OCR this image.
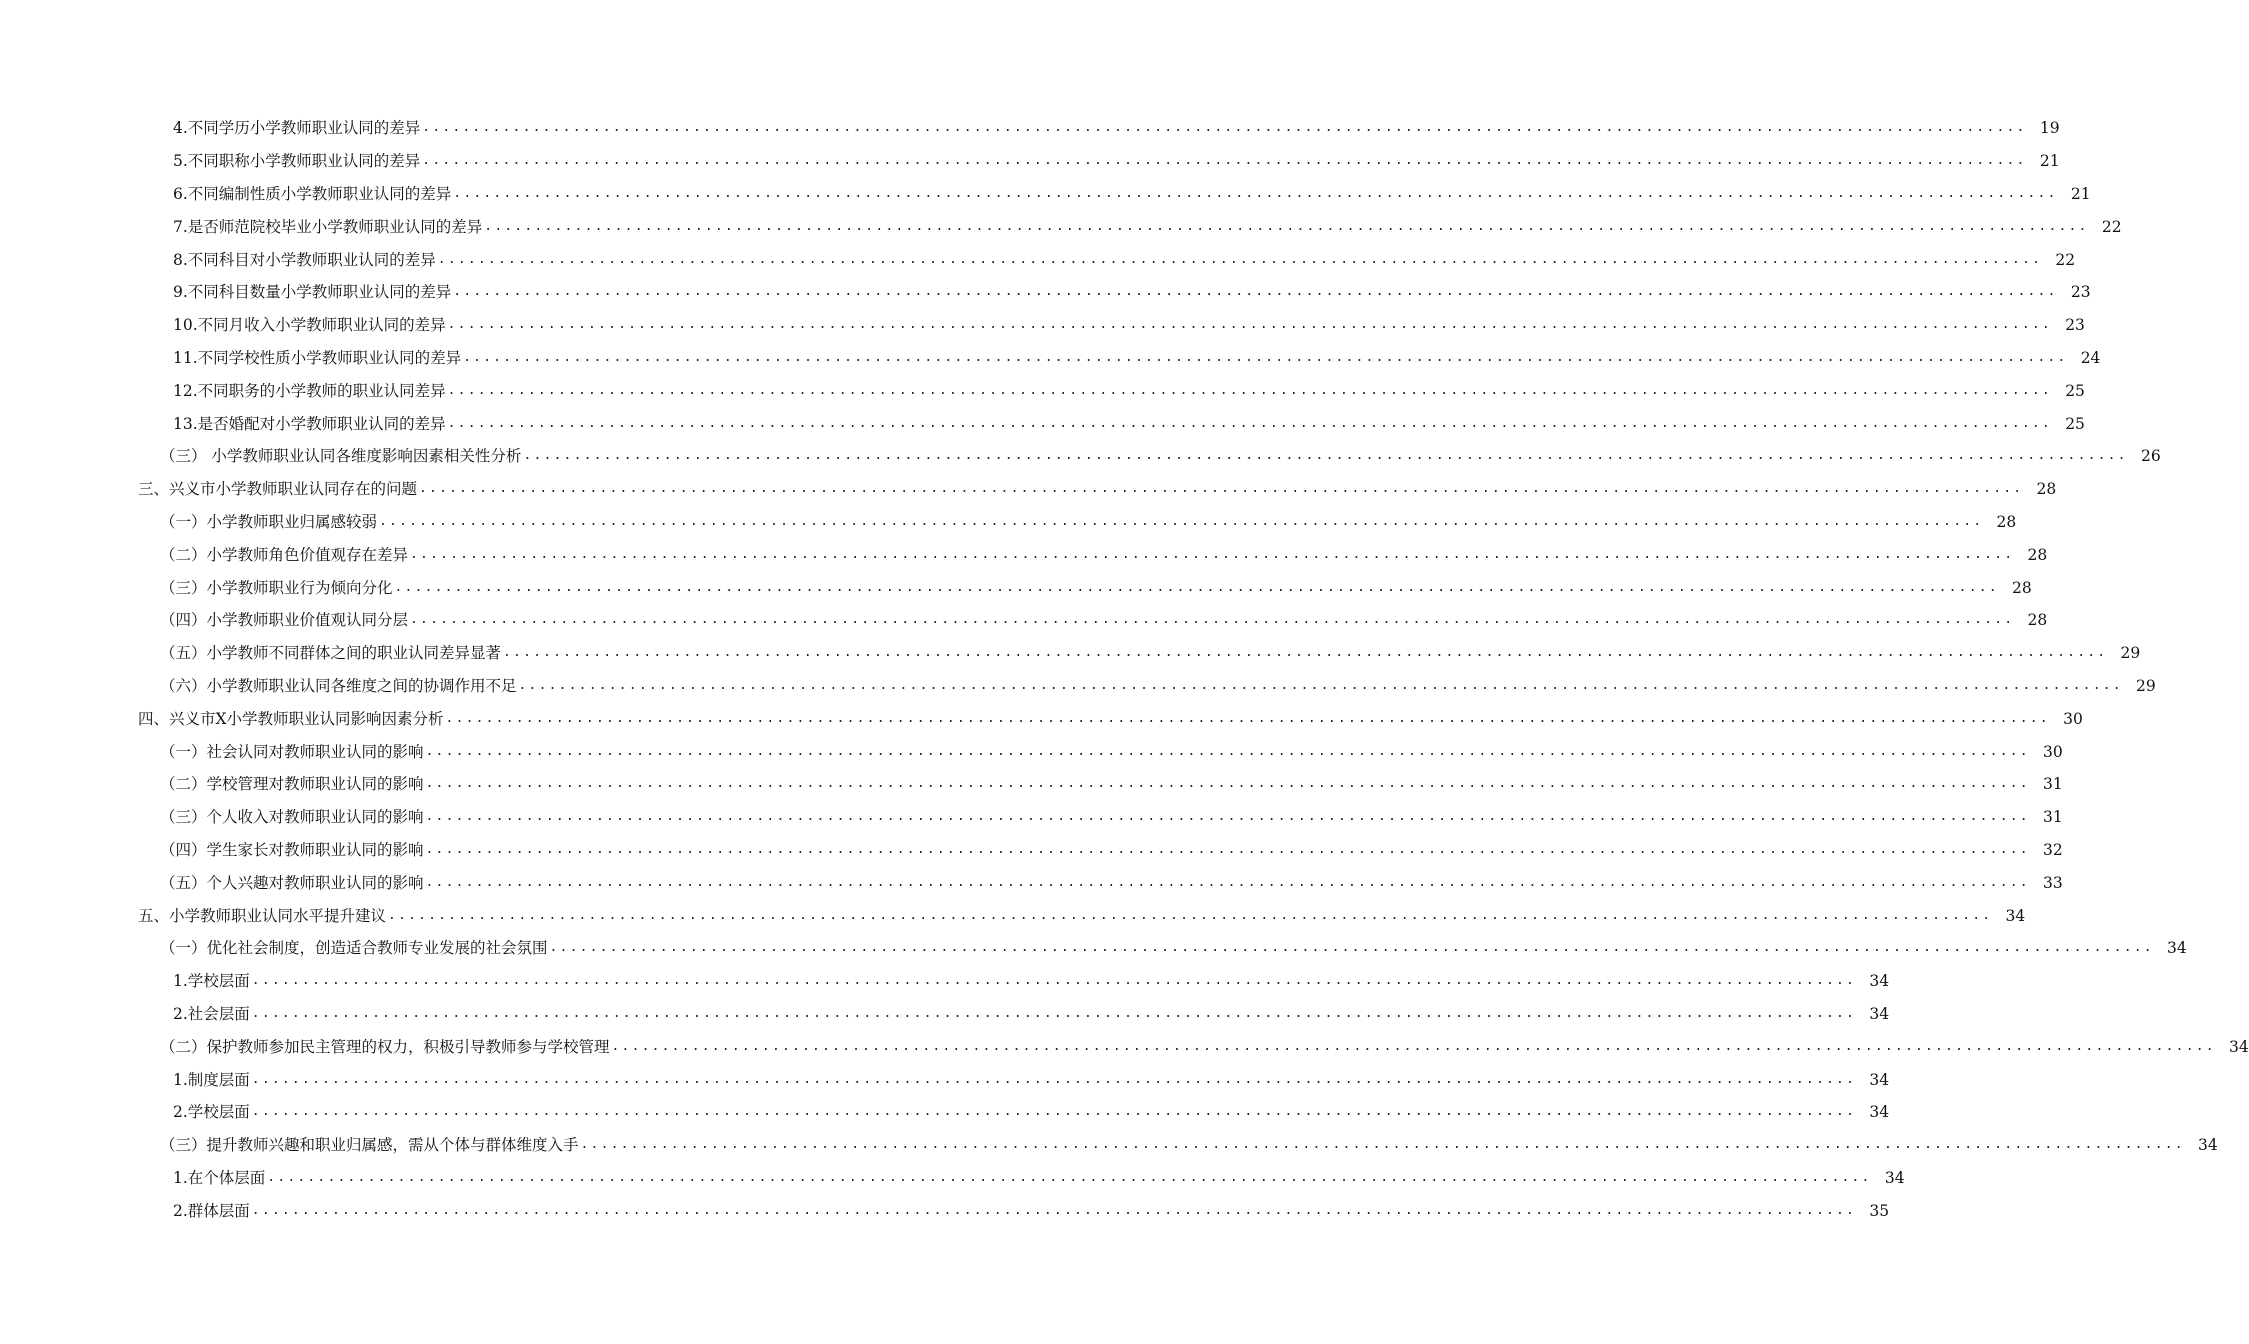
4.不同学历小学教师职业认同的差异 ................................................................................................................................................................ 19
5.不同职称小学教师职业认同的差异 ................................................................................................................................................................ 21
6.不同编制性质小学教师职业认同的差异 ................................................................................................................................................................ 21
7.是否师范院校毕业小学教师职业认同的差异 ................................................................................................................................................................ 22
8.不同科目对小学教师职业认同的差异 ................................................................................................................................................................ 22
9.不同科目数量小学教师职业认同的差异 ................................................................................................................................................................ 23
10.不同月收入小学教师职业认同的差异 ................................................................................................................................................................ 23
11.不同学校性质小学教师职业认同的差异 ................................................................................................................................................................ 24
12.不同职务的小学教师的职业认同差异 ................................................................................................................................................................ 25
13.是否婚配对小学教师职业认同的差异 ................................................................................................................................................................ 25
（三） 小学教师职业认同各维度影响因素相关性分析 ................................................................................................................................................................ 26
三、兴义市小学教师职业认同存在的问题 ................................................................................................................................................................ 28
（一）小学教师职业归属感较弱 ................................................................................................................................................................ 28
（二）小学教师角色价值观存在差异 ................................................................................................................................................................ 28
（三）小学教师职业行为倾向分化 ................................................................................................................................................................ 28
（四）小学教师职业价值观认同分层 ................................................................................................................................................................ 28
（五）小学教师不同群体之间的职业认同差异显著 ................................................................................................................................................................ 29
（六）小学教师职业认同各维度之间的协调作用不足 ................................................................................................................................................................ 29
四、兴义市X小学教师职业认同影响因素分析 ................................................................................................................................................................ 30
（一）社会认同对教师职业认同的影响 ................................................................................................................................................................ 30
（二）学校管理对教师职业认同的影响 ................................................................................................................................................................ 31
（三）个人收入对教师职业认同的影响 ................................................................................................................................................................ 31
（四）学生家长对教师职业认同的影响 ................................................................................................................................................................ 32
（五）个人兴趣对教师职业认同的影响 ................................................................................................................................................................ 33
五、小学教师职业认同水平提升建议 ................................................................................................................................................................ 34
（一）优化社会制度，创造适合教师专业发展的社会氛围 ................................................................................................................................................................ 34
1.学校层面 ................................................................................................................................................................ 34
2.社会层面 ................................................................................................................................................................ 34
（二）保护教师参加民主管理的权力，积极引导教师参与学校管理 ................................................................................................................................................................ 34
1.制度层面 ................................................................................................................................................................ 34
2.学校层面 ................................................................................................................................................................ 34
（三）提升教师兴趣和职业归属感，需从个体与群体维度入手 ................................................................................................................................................................ 34
1.在个体层面 ................................................................................................................................................................ 34
2.群体层面 ................................................................................................................................................................ 35
